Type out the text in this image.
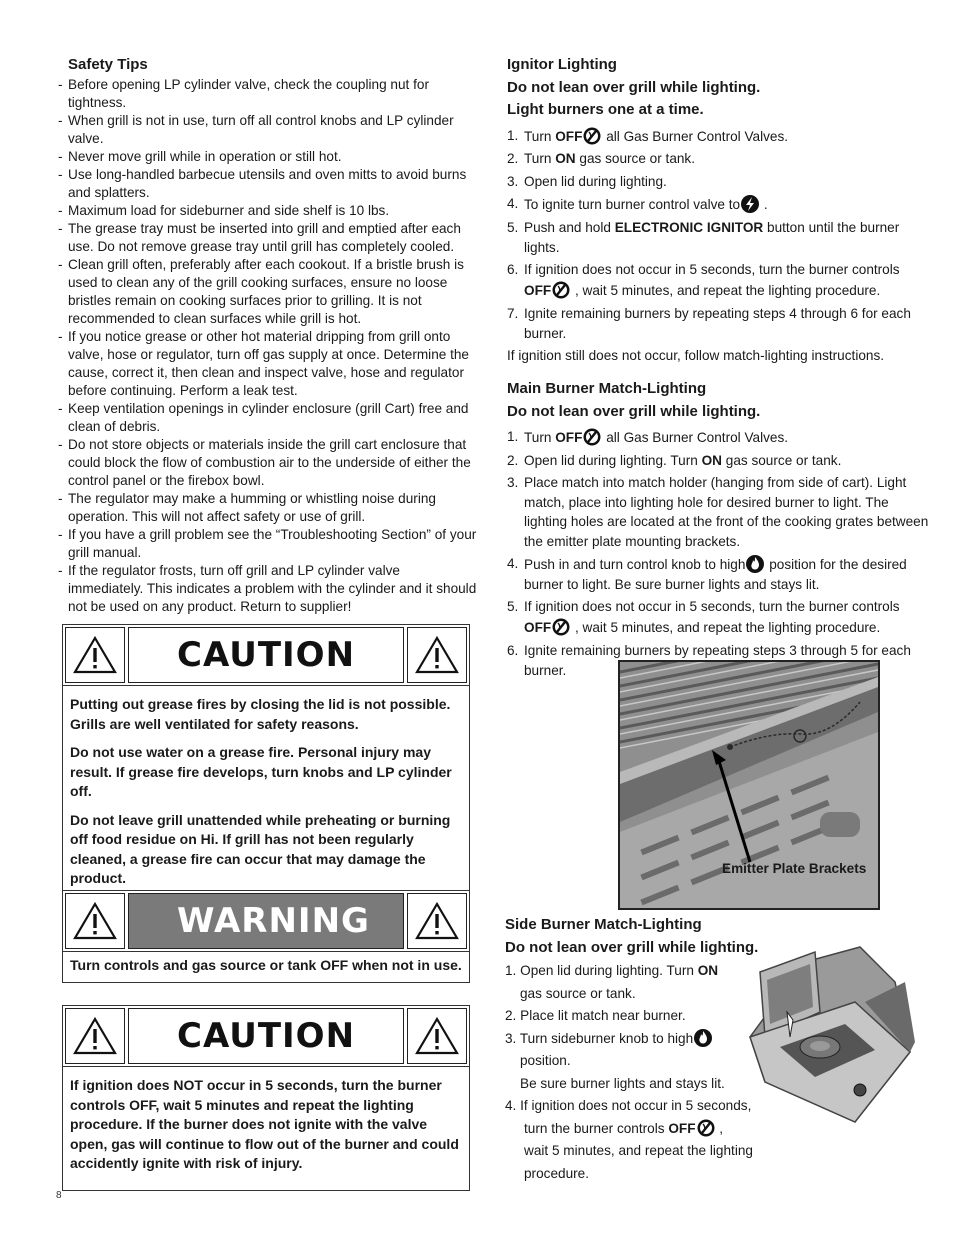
Safety Tips
- Before opening LP cylinder valve, check the coupling nut for tightness.
- When grill is not in use, turn off all control knobs and LP cylinder valve.
- Never move grill while in operation or still hot.
- Use long-handled barbecue utensils and oven mitts to avoid burns and splatters.
- Maximum load for sideburner and side shelf is 10 lbs.
- The grease tray must be inserted into grill and emptied after each use. Do not remove grease tray until grill has completely cooled.
- Clean grill often, preferably after each cookout. If a bristle brush is used to clean any of the grill cooking surfaces, ensure no loose bristles remain on cooking surfaces prior to grilling. It is not recommended to clean surfaces while grill is hot.
- If you notice grease or other hot material dripping from grill onto valve, hose or regulator, turn off gas supply at once. Determine the cause, correct it, then clean and inspect valve, hose and regulator before continuing. Perform a leak test.
- Keep ventilation openings in cylinder enclosure (grill Cart) free and clean of debris.
- Do not store objects or materials inside the grill cart enclosure that could block the flow of combustion air to the underside of either the control panel or the firebox bowl.
- The regulator may make a humming or whistling noise during operation. This will not affect safety or use of grill.
- If you have a grill problem see the “Troubleshooting Section” of your grill manual.
- If the regulator frosts, turn off grill and LP cylinder valve immediately. This indicates a problem with the cylinder and it should not be used on any product. Return to supplier!
CAUTION

Putting out grease fires by closing the lid is not possible. Grills are well ventilated for safety reasons.

Do not use water on a grease fire. Personal injury may result. If grease fire develops, turn knobs and LP cylinder off.

Do not leave grill unattended while preheating or burning off food residue on Hi. If grill has not been regularly cleaned, a grease fire can occur that may damage the product.

WARNING

Turn controls and gas source or tank OFF when not in use.

CAUTION

If ignition does NOT occur in 5 seconds, turn the burner controls OFF, wait 5 minutes and repeat the lighting procedure. If the burner does not ignite with the valve open, gas will continue to flow out of the burner and could accidently ignite with risk of injury.

8
Ignitor Lighting
Do not lean over grill while lighting.
Light burners one at a time.
1. Turn OFF all Gas Burner Control Valves.
2. Turn ON gas source or tank.
3. Open lid during lighting.
4. To ignite turn burner control valve to .
5. Push and hold ELECTRONIC IGNITOR button until the burner lights.
6. If ignition does not occur in 5 seconds, turn the burner controls OFF , wait 5 minutes, and repeat the lighting procedure.
7. Ignite remaining burners by repeating steps 4 through 6 for each burner.
If ignition still does not occur, follow match-lighting instructions.
Main Burner Match-Lighting
Do not lean over grill while lighting.
1. Turn OFF all Gas Burner Control Valves.
2. Open lid during lighting. Turn ON gas source or tank.
3. Place match into match holder (hanging from side of cart). Light match, place into lighting hole for desired burner to light. The lighting holes are located at the front of the cooking grates between the emitter plate mounting brackets.
4. Push in and turn control knob to high position for the desired burner to light. Be sure burner lights and stays lit.
5. If ignition does not occur in 5 seconds, turn the burner controls OFF , wait 5 minutes, and repeat the lighting procedure.
6. Ignite remaining burners by repeating steps 3 through 5 for each burner.
Emitter Plate Brackets
Side Burner Match-Lighting
Do not lean over grill while lighting.
1. Open lid during lighting. Turn ON
gas source or tank.
2. Place lit match near burner.
3. Turn sideburner knob to high
position.
Be sure burner lights and stays lit.
4. If ignition does not occur in 5 seconds,
turn the burner controls OFF ,
wait 5 minutes, and repeat the lighting
procedure.
